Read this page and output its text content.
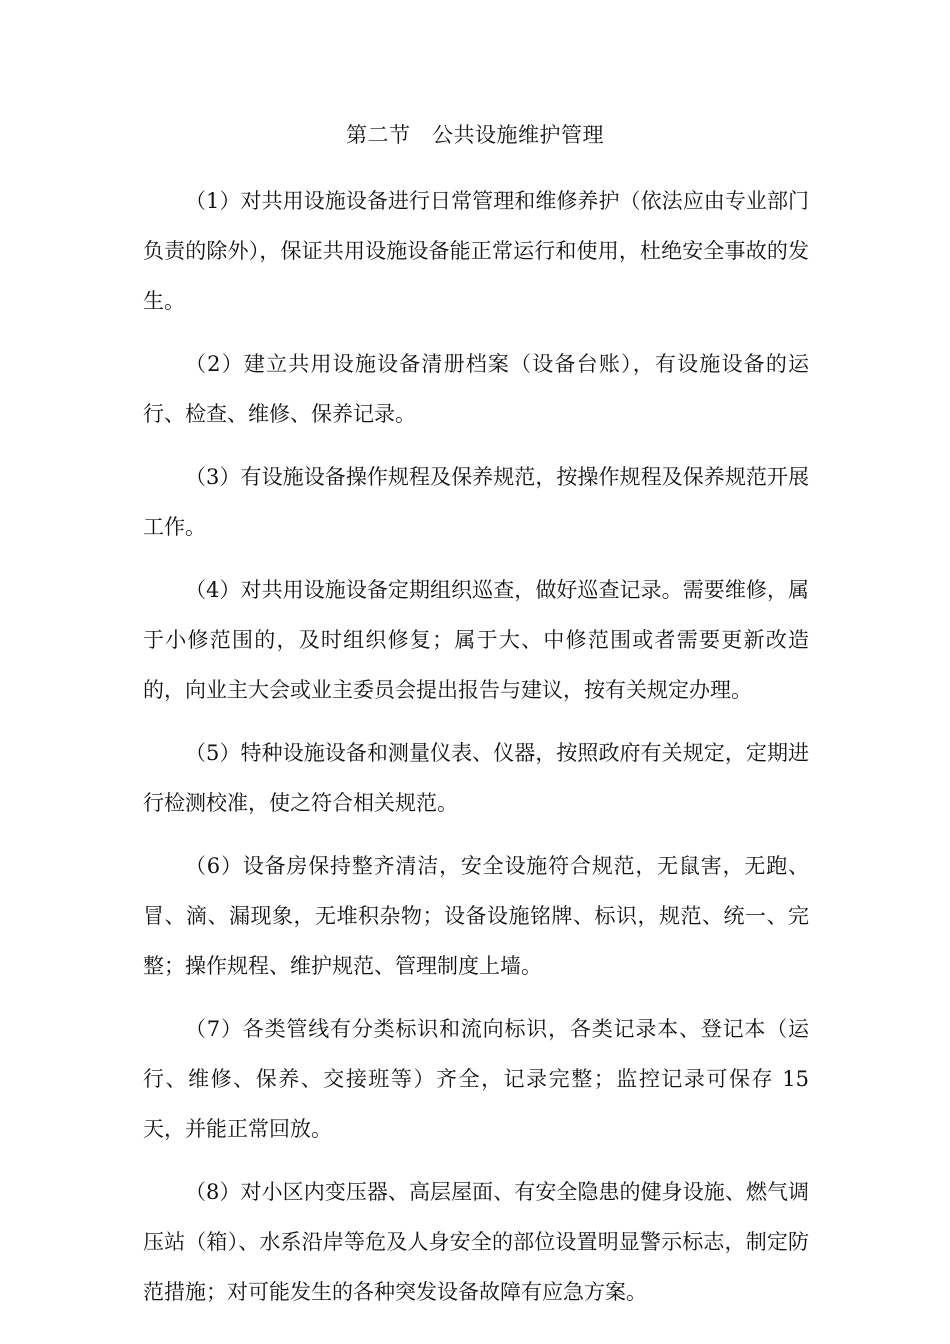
第二节　公共设施维护管理

（1）对共用设施设备进行日常管理和维修养护（依法应由专业部门负责的除外），保证共用设施设备能正常运行和使用，杜绝安全事故的发生。

（2）建立共用设施设备清册档案（设备台账），有设施设备的运行、检查、维修、保养记录。

（3）有设施设备操作规程及保养规范，按操作规程及保养规范开展工作。

（4）对共用设施设备定期组织巡查，做好巡查记录。需要维修，属于小修范围的，及时组织修复；属于大、中修范围或者需要更新改造的，向业主大会或业主委员会提出报告与建议，按有关规定办理。

（5）特种设施设备和测量仪表、仪器，按照政府有关规定，定期进行检测校准，使之符合相关规范。

（6）设备房保持整齐清洁，安全设施符合规范，无鼠害，无跑、冒、滴、漏现象，无堆积杂物；设备设施铭牌、标识，规范、统一、完整；操作规程、维护规范、管理制度上墙。

（7）各类管线有分类标识和流向标识，各类记录本、登记本（运行、维修、保养、交接班等）齐全，记录完整；监控记录可保存 15 天，并能正常回放。

（8）对小区内变压器、高层屋面、有安全隐患的健身设施、燃气调压站（箱）、水系沿岸等危及人身安全的部位设置明显警示标志，制定防范措施；对可能发生的各种突发设备故障有应急方案。
